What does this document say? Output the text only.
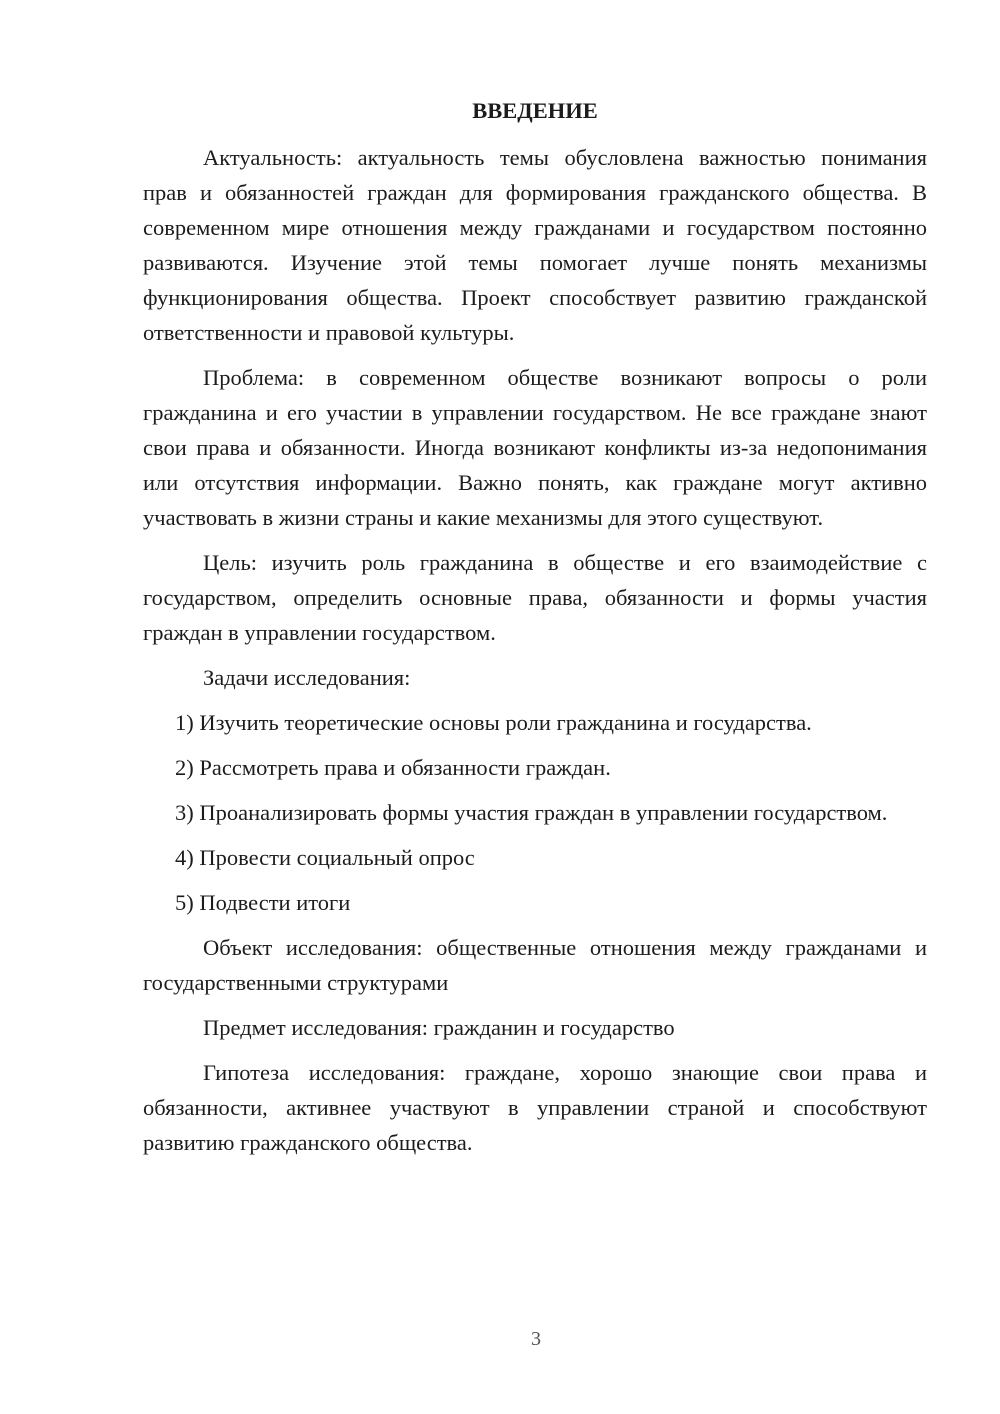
ВВЕДЕНИЕ

Актуальность: актуальность темы обусловлена важностью понимания прав и обязанностей граждан для формирования гражданского общества. В современном мире отношения между гражданами и государством постоянно развиваются. Изучение этой темы помогает лучше понять механизмы функционирования общества. Проект способствует развитию гражданской ответственности и правовой культуры.

Проблема: в современном обществе возникают вопросы о роли гражданина и его участии в управлении государством. Не все граждане знают свои права и обязанности. Иногда возникают конфликты из-за недопонимания или отсутствия информации. Важно понять, как граждане могут активно участвовать в жизни страны и какие механизмы для этого существуют.

Цель: изучить роль гражданина в обществе и его взаимодействие с государством, определить основные права, обязанности и формы участия граждан в управлении государством.

Задачи исследования:

1) Изучить теоретические основы роли гражданина и государства.

2) Рассмотреть права и обязанности граждан.

3) Проанализировать формы участия граждан в управлении государством.

4) Провести социальный опрос

5) Подвести итоги

Объект исследования: общественные отношения между гражданами и государственными структурами

Предмет исследования: гражданин и государство

Гипотеза исследования: граждане, хорошо знающие свои права и обязанности, активнее участвуют в управлении страной и способствуют развитию гражданского общества.

3
